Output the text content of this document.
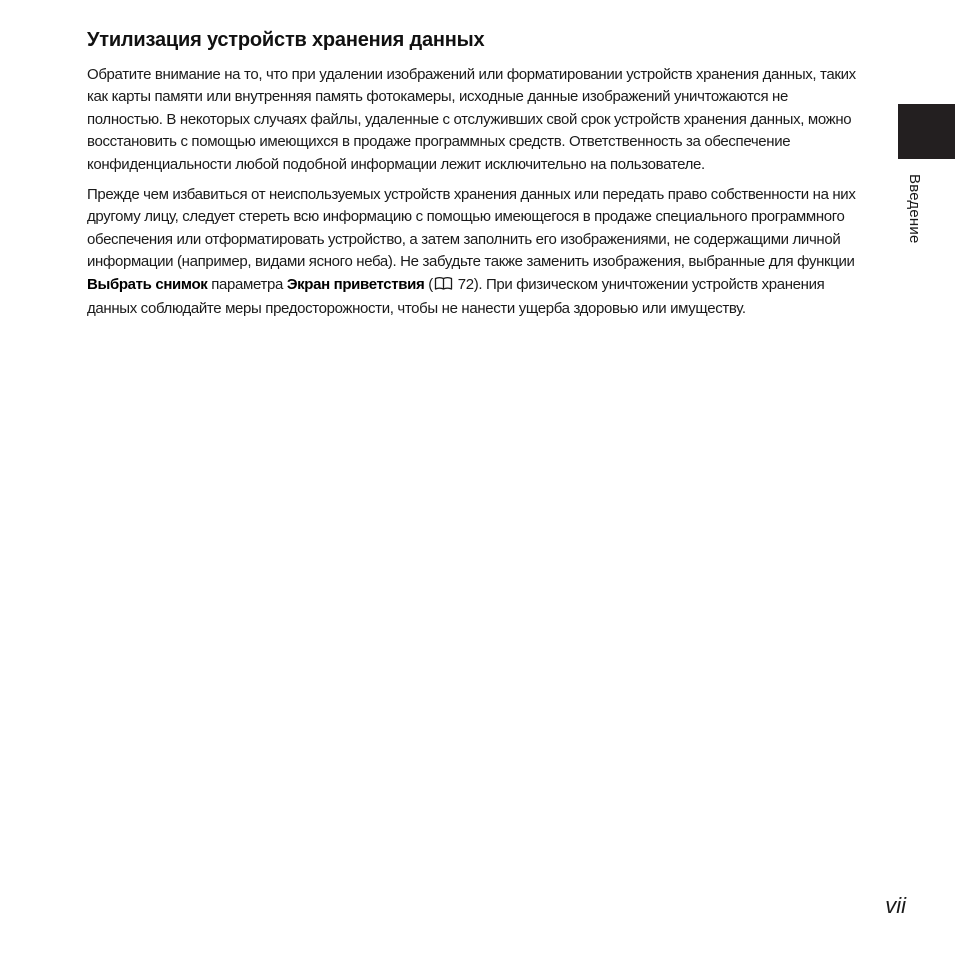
Утилизация устройств хранения данных

Обратите внимание на то, что при удалении изображений или форматировании устройств хранения данных, таких как карты памяти или внутренняя память фотокамеры, исходные данные изображений уничтожаются не полностью. В некоторых случаях файлы, удаленные с отслуживших свой срок устройств хранения данных, можно восстановить с помощью имеющихся в продаже программных средств. Ответственность за обеспечение конфиденциальности любой подобной информации лежит исключительно на пользователе.

Прежде чем избавиться от неиспользуемых устройств хранения данных или передать право собственности на них другому лицу, следует стереть всю информацию с помощью имеющегося в продаже специального программного обеспечения или отформатировать устройство, а затем заполнить его изображениями, не содержащими личной информации (например, видами ясного неба). Не забудьте также заменить изображения, выбранные для функции Выбрать снимок параметра Экран приветствия ( 72). При физическом уничтожении устройств хранения данных соблюдайте меры предосторожности, чтобы не нанести ущерба здоровью или имуществу.

Введение
vii
